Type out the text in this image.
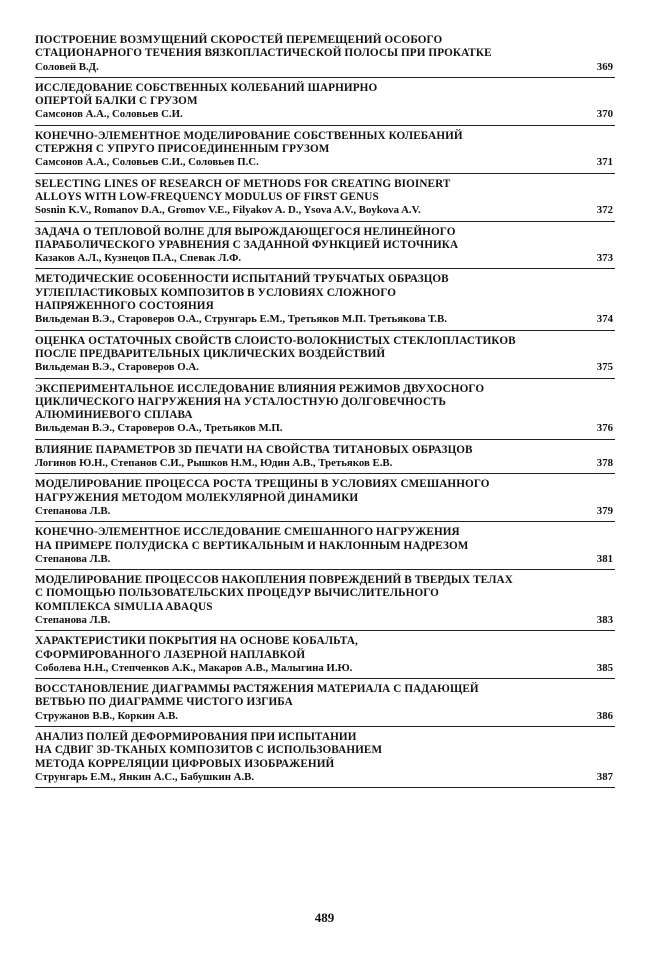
ПОСТРОЕНИЕ ВОЗМУЩЕНИЙ СКОРОСТЕЙ ПЕРЕМЕЩЕНИЙ ОСОБОГО
СТАЦИОНАРНОГО ТЕЧЕНИЯ ВЯЗКОПЛАСТИЧЕСКОЙ ПОЛОСЫ ПРИ ПРОКАТКЕ
Соловей В.Д.	369
ИССЛЕДОВАНИЕ СОБСТВЕННЫХ КОЛЕБАНИЙ ШАРНИРНО
ОПЕРТОЙ БАЛКИ С ГРУЗОМ
Самсонов А.А., Соловьев С.И.	370
КОНЕЧНО-ЭЛЕМЕНТНОЕ МОДЕЛИРОВАНИЕ СОБСТВЕННЫХ КОЛЕБАНИЙ
СТЕРЖНЯ С УПРУГО ПРИСОЕДИНЕННЫМ ГРУЗОМ
Самсонов А.А., Соловьев С.И., Соловьев П.С.	371
SELECTING LINES OF RESEARCH OF METHODS FOR CREATING BIOINERT
ALLOYS WITH LOW-FREQUENCY MODULUS OF FIRST GENUS
Sosnin K.V., Romanov D.A., Gromov V.E., Filyakov A. D., Ysova A.V., Boykova A.V.	372
ЗАДАЧА О ТЕПЛОВОЙ ВОЛНЕ ДЛЯ ВЫРОЖДАЮЩЕГОСЯ НЕЛИНЕЙНОГО
ПАРАБОЛИЧЕСКОГО УРАВНЕНИЯ С ЗАДАННОЙ ФУНКЦИЕЙ ИСТОЧНИКА
Казаков А.Л., Кузнецов П.А., Спевак Л.Ф.	373
МЕТОДИЧЕСКИЕ ОСОБЕННОСТИ ИСПЫТАНИЙ ТРУБЧАТЫХ ОБРАЗЦОВ
УГЛЕПЛАСТИКОВЫХ КОМПОЗИТОВ В УСЛОВИЯХ СЛОЖНОГО
НАПРЯЖЕННОГО СОСТОЯНИЯ
Вильдеман В.Э., Староверов О.А., Струнгарь Е.М., Третьяков М.П. Третьякова Т.В.	374
ОЦЕНКА ОСТАТОЧНЫХ СВОЙСТВ СЛОИСТО-ВОЛОКНИСТЫХ СТЕКЛОПЛАСТИКОВ
ПОСЛЕ ПРЕДВАРИТЕЛЬНЫХ ЦИКЛИЧЕСКИХ ВОЗДЕЙСТВИЙ
Вильдеман В.Э., Староверов О.А.	375
ЭКСПЕРИМЕНТАЛЬНОЕ ИССЛЕДОВАНИЕ ВЛИЯНИЯ РЕЖИМОВ ДВУХОСНОГО
ЦИКЛИЧЕСКОГО НАГРУЖЕНИЯ НА УСТАЛОСТНУЮ ДОЛГОВЕЧНОСТЬ
АЛЮМИНИЕВОГО СПЛАВА
Вильдеман В.Э., Староверов О.А., Третьяков М.П.	376
ВЛИЯНИЕ ПАРАМЕТРОВ 3D ПЕЧАТИ НА СВОЙСТВА ТИТАНОВЫХ ОБРАЗЦОВ
Логинов Ю.Н., Степанов С.И., Рышков Н.М., Юдин А.В., Третьяков Е.В.	378
МОДЕЛИРОВАНИЕ ПРОЦЕССА РОСТА ТРЕЩИНЫ В УСЛОВИЯХ СМЕШАННОГО
НАГРУЖЕНИЯ МЕТОДОМ МОЛЕКУЛЯРНОЙ ДИНАМИКИ
Степанова Л.В.	379
КОНЕЧНО-ЭЛЕМЕНТНОЕ ИССЛЕДОВАНИЕ СМЕШАННОГО НАГРУЖЕНИЯ
НА ПРИМЕРЕ ПОЛУДИСКА С ВЕРТИКАЛЬНЫМ И НАКЛОННЫМ НАДРЕЗОМ
Степанова Л.В.	381
МОДЕЛИРОВАНИЕ ПРОЦЕССОВ НАКОПЛЕНИЯ ПОВРЕЖДЕНИЙ В ТВЕРДЫХ ТЕЛАХ
С ПОМОЩЬЮ ПОЛЬЗОВАТЕЛЬСКИХ ПРОЦЕДУР ВЫЧИСЛИТЕЛЬНОГО
КОМПЛЕКСА SIMULIA ABAQUS
Степанова Л.В.	383
ХАРАКТЕРИСТИКИ ПОКРЫТИЯ НА ОСНОВЕ КОБАЛЬТА,
СФОРМИРОВАННОГО ЛАЗЕРНОЙ НАПЛАВКОЙ
Соболева Н.Н., Степченков А.К., Макаров А.В., Малыгина И.Ю.	385
ВОССТАНОВЛЕНИЕ ДИАГРАММЫ РАСТЯЖЕНИЯ МАТЕРИАЛА С ПАДАЮЩЕЙ
ВЕТВЬЮ ПО ДИАГРАММЕ ЧИСТОГО ИЗГИБА
Стружанов В.В., Коркин А.В.	386
АНАЛИЗ ПОЛЕЙ ДЕФОРМИРОВАНИЯ ПРИ ИСПЫТАНИИ
НА СДВИГ 3D-ТКАНЫХ КОМПОЗИТОВ С ИСПОЛЬЗОВАНИЕМ
МЕТОДА КОРРЕЛЯЦИИ ЦИФРОВЫХ ИЗОБРАЖЕНИЙ
Струнгарь Е.М., Янкин А.С., Бабушкин А.В.	387
489
